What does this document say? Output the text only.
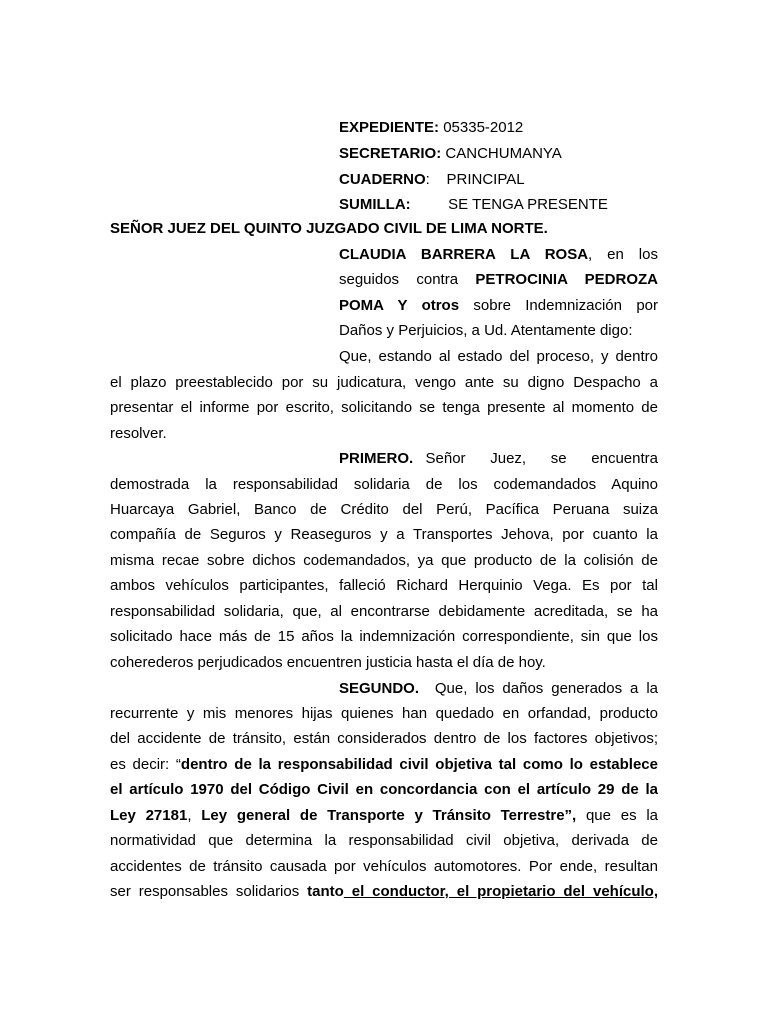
EXPEDIENTE: 05335-2012
SECRETARIO: CANCHUMANYA
CUADERNO:    PRINCIPAL
SUMILLA:         SE TENGA PRESENTE
SEÑOR JUEZ DEL QUINTO JUZGADO CIVIL DE LIMA NORTE.
CLAUDIA BARRERA LA ROSA, en los
seguidos contra PETROCINIA PEDROZA
POMA Y otros sobre Indemnización por
Daños y Perjuicios, a Ud. Atentamente digo:
Que, estando al estado del proceso, y dentro
el plazo preestablecido por su judicatura, vengo ante su digno Despacho a
presentar el informe por escrito, solicitando se tenga presente al momento de
resolver.
PRIMERO. Señor  Juez,  se  encuentra
demostrada la responsabilidad solidaria de los codemandados Aquino
Huarcaya Gabriel, Banco de Crédito del Perú, Pacífica Peruana suiza
compañía de Seguros y Reaseguros y a Transportes Jehova, por cuanto la
misma recae sobre dichos codemandados, ya que producto de la colisión de
ambos vehículos participantes, falleció Richard Herquinio Vega. Es por tal
responsabilidad solidaria, que, al encontrarse debidamente acreditada, se ha
solicitado hace más de 15 años la indemnización correspondiente, sin que los
coherederos perjudicados encuentren justicia hasta el día de hoy.
SEGUNDO.  Que, los daños generados a la
recurrente y mis menores hijas quienes han quedado en orfandad, producto
del accidente de tránsito, están considerados dentro de los factores objetivos;
es decir: “dentro de la responsabilidad civil objetiva tal como lo establece
el artículo 1970 del Código Civil en concordancia con el artículo 29 de la
Ley 27181, Ley general de Transporte y Tránsito Terrestre”, que es la
normatividad que determina la responsabilidad civil objetiva, derivada de
accidentes de tránsito causada por vehículos automotores. Por ende, resultan
ser responsables solidarios tanto el conductor, el propietario del vehículo,
